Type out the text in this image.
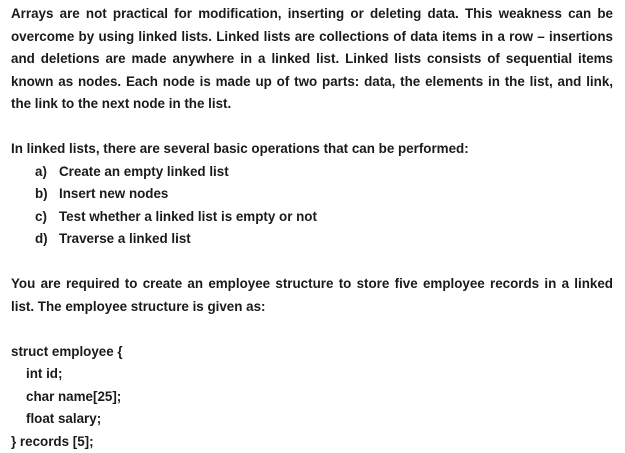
Arrays are not practical for modification, inserting or deleting data. This weakness can be overcome by using linked lists. Linked lists are collections of data items in a row – insertions and deletions are made anywhere in a linked list. Linked lists consists of sequential items known as nodes. Each node is made up of two parts: data, the elements in the list, and link, the link to the next node in the list.

In linked lists, there are several basic operations that can be performed:

a) Create an empty linked list
b) Insert new nodes
c) Test whether a linked list is empty or not
d) Traverse a linked list

You are required to create an employee structure to store five employee records in a linked list. The employee structure is given as:

struct employee {
int id;
char name[25];
float salary;
} records [5];
